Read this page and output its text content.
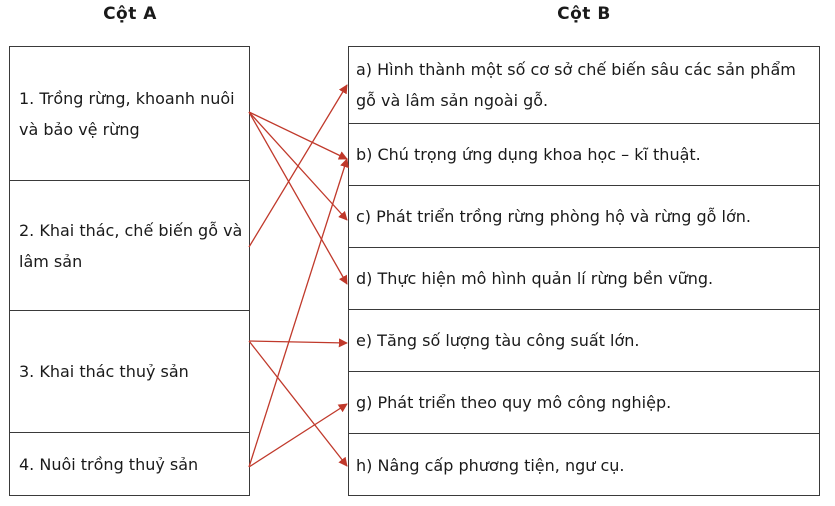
Cột A	Cột B
1. Trồng rừng, khoanh nuôi và bảo vệ rừng
2. Khai thác, chế biến gỗ và lâm sản
3. Khai thác thuỷ sản
4. Nuôi trồng thuỷ sản
a) Hình thành một số cơ sở chế biến sâu các sản phẩm gỗ và lâm sản ngoài gỗ.
b) Chú trọng ứng dụng khoa học – kĩ thuật.
c) Phát triển trồng rừng phòng hộ và rừng gỗ lớn.
d) Thực hiện mô hình quản lí rừng bền vững.
e) Tăng số lượng tàu công suất lớn.
g) Phát triển theo quy mô công nghiệp.
h) Nâng cấp phương tiện, ngư cụ.
